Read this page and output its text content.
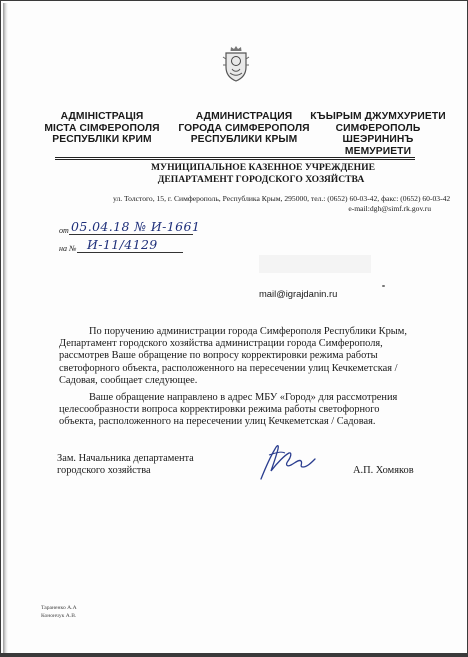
АДМІНІСТРАЦІЯ
МІСТА СІМФЕРОПОЛЯ
РЕСПУБЛІКИ КРИМ
АДМИНИСТРАЦИЯ
ГОРОДА СИМФЕРОПОЛЯ
РЕСПУБЛИКИ КРЫМ
КЪЫРЫМ ДЖУМХУРИЕТИ
СИМФЕРОПОЛЬ
ШЕЭРИНИНЪ
МЕМУРИЕТИ
МУНИЦИПАЛЬНОЕ КАЗЕННОЕ УЧРЕЖДЕНИЕ
ДЕПАРТАМЕНТ ГОРОДСКОГО ХОЗЯЙСТВА
ул. Толстого, 15, г. Симферополь, Республика Крым, 295000, тел.: (0652) 60-03-42, факс: (0652) 60-03-42
e-mail:dgh@simf.rk.gov.ru
от 05.04.18 № И-1661
на № И-11/4129
mail@igrajdanin.ru
По поручению администрации города Симферополя Республики Крым,
Департамент городского хозяйства администрации города Симферополя,
рассмотрев Ваше обращение по вопросу корректировки режима работы
светофорного объекта, расположенного на пересечении улиц Кечкеметская /
Садовая, сообщает следующее.
Ваше обращение направлено в адрес МБУ «Город» для рассмотрения
целесообразности вопроса корректировки режима работы светофорного
объекта, расположенного на пересечении улиц Кечкеметская / Садовая.
Зам. Начальника департамента
городского хозяйства	А.П. Хомяков
Тараненко А.А
Конончук А.В.
